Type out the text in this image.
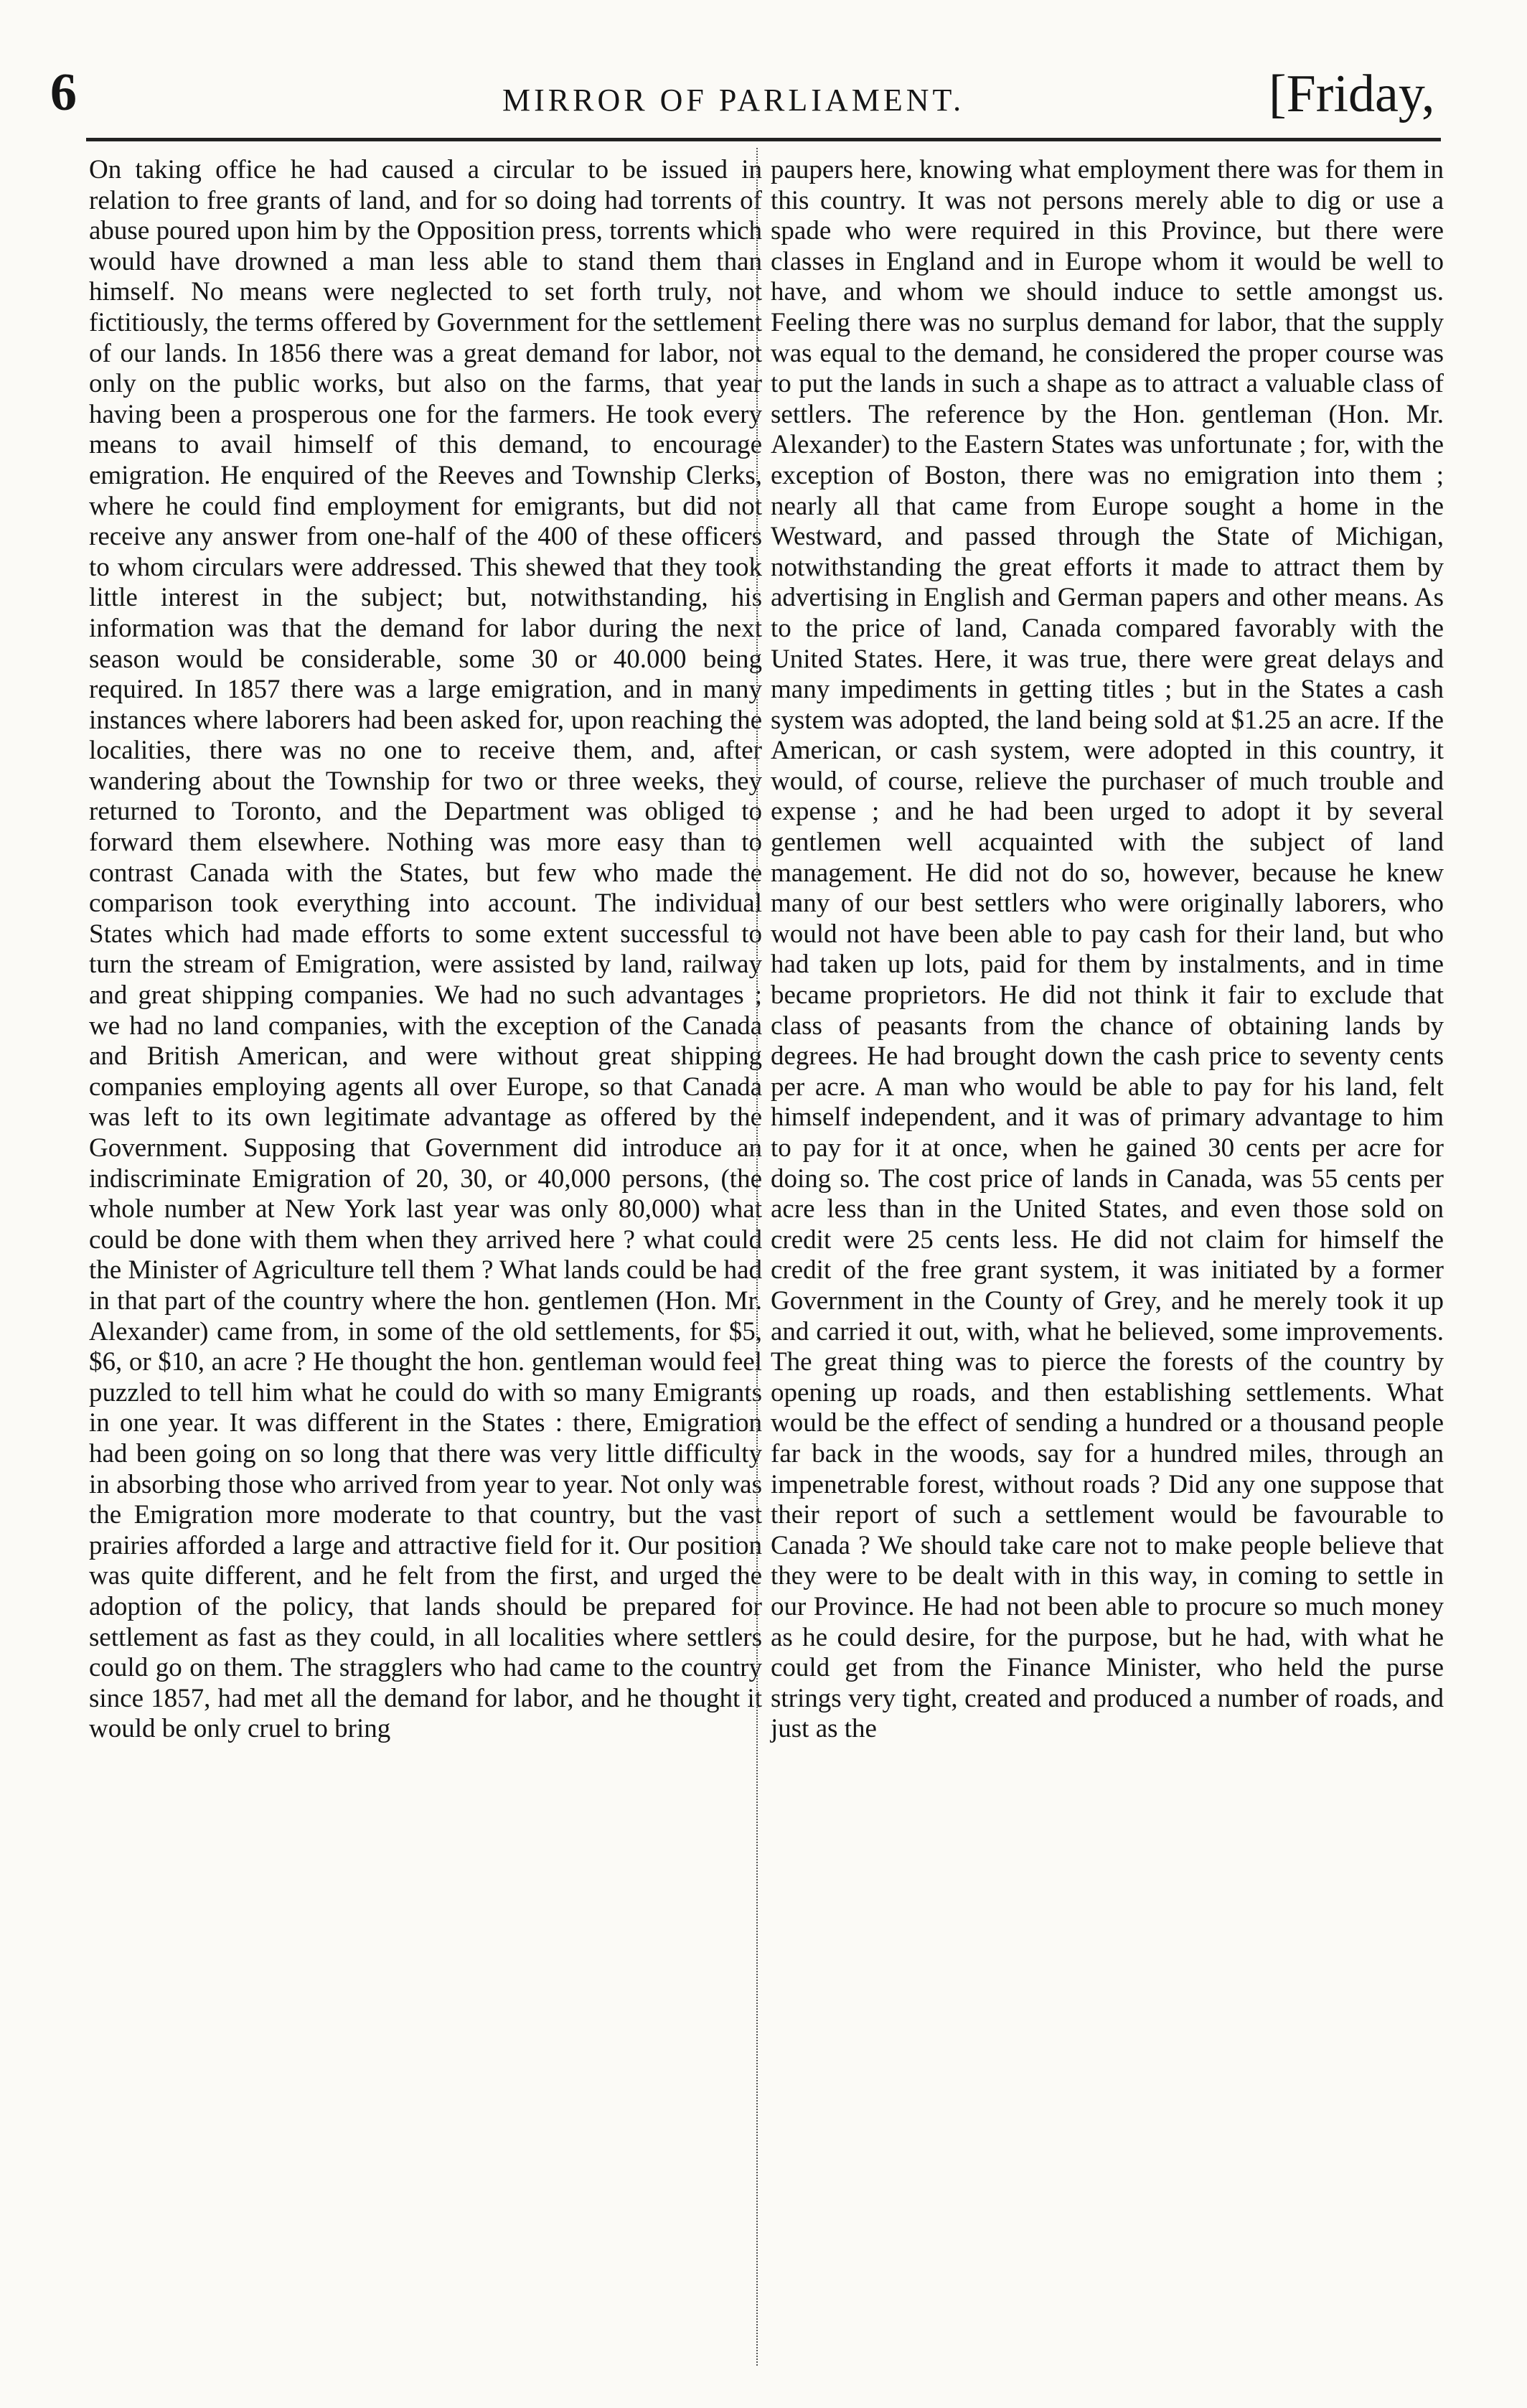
6	MIRROR OF PARLIAMENT.	[Friday,

On taking office he had caused a circular to be issued in relation to free grants of land, and for so doing had torrents of abuse poured upon him by the Opposition press, torrents which would have drowned a man less able to stand them than himself. No means were neglected to set forth truly, not fictitiously, the terms offered by Government for the settlement of our lands. In 1856 there was a great demand for labor, not only on the public works, but also on the farms, that year having been a prosperous one for the farmers. He took every means to avail himself of this demand, to encourage emigration. He enquired of the Reeves and Township Clerks, where he could find employment for emigrants, but did not receive any answer from one-half of the 400 of these officers to whom circulars were addressed. This shewed that they took little interest in the subject; but, notwithstanding, his information was that the demand for labor during the next season would be considerable, some 30 or 40.000 being required. In 1857 there was a large emigration, and in many instances where laborers had been asked for, upon reaching the localities, there was no one to receive them, and, after wandering about the Township for two or three weeks, they returned to Toronto, and the Department was obliged to forward them elsewhere. Nothing was more easy than to contrast Canada with the States, but few who made the comparison took everything into account. The individual States which had made efforts to some extent successful to turn the stream of Emigration, were assisted by land, railway and great shipping companies. We had no such advantages ; we had no land companies, with the exception of the Canada and British American, and were without great shipping companies employing agents all over Europe, so that Canada was left to its own legitimate advantage as offered by the Government. Supposing that Government did introduce an indiscriminate Emigration of 20, 30, or 40,000 persons, (the whole number at New York last year was only 80,000) what could be done with them when they arrived here ? what could the Minister of Agriculture tell them ? What lands could be had in that part of the country where the hon. gentlemen (Hon. Mr. Alexander) came from, in some of the old settlements, for $5, $6, or $10, an acre ? He thought the hon. gentleman would feel puzzled to tell him what he could do with so many Emigrants in one year. It was different in the States : there, Emigration had been going on so long that there was very little difficulty in absorbing those who arrived from year to year. Not only was the Emigration more moderate to that country, but the vast prairies afforded a large and attractive field for it. Our position was quite different, and he felt from the first, and urged the adoption of the policy, that lands should be prepared for settlement as fast as they could, in all localities where settlers could go on them. The stragglers who had came to the country since 1857, had met all the demand for labor, and he thought it would be only cruel to bring

paupers here, knowing what employment there was for them in this country. It was not persons merely able to dig or use a spade who were required in this Province, but there were classes in England and in Europe whom it would be well to have, and whom we should induce to settle amongst us. Feeling there was no surplus demand for labor, that the supply was equal to the demand, he considered the proper course was to put the lands in such a shape as to attract a valuable class of settlers. The reference by the Hon. gentleman (Hon. Mr. Alexander) to the Eastern States was unfortunate ; for, with the exception of Boston, there was no emigration into them ; nearly all that came from Europe sought a home in the Westward, and passed through the State of Michigan, notwithstanding the great efforts it made to attract them by advertising in English and German papers and other means. As to the price of land, Canada compared favorably with the United States. Here, it was true, there were great delays and many impediments in getting titles ; but in the States a cash system was adopted, the land being sold at $1.25 an acre. If the American, or cash system, were adopted in this country, it would, of course, relieve the purchaser of much trouble and expense ; and he had been urged to adopt it by several gentlemen well acquainted with the subject of land management. He did not do so, however, because he knew many of our best settlers who were originally laborers, who would not have been able to pay cash for their land, but who had taken up lots, paid for them by instalments, and in time became proprietors. He did not think it fair to exclude that class of peasants from the chance of obtaining lands by degrees. He had brought down the cash price to seventy cents per acre. A man who would be able to pay for his land, felt himself independent, and it was of primary advantage to him to pay for it at once, when he gained 30 cents per acre for doing so. The cost price of lands in Canada, was 55 cents per acre less than in the United States, and even those sold on credit were 25 cents less. He did not claim for himself the credit of the free grant system, it was initiated by a former Government in the County of Grey, and he merely took it up and carried it out, with, what he believed, some improvements. The great thing was to pierce the forests of the country by opening up roads, and then establishing settlements. What would be the effect of sending a hundred or a thousand people far back in the woods, say for a hundred miles, through an impenetrable forest, without roads ? Did any one suppose that their report of such a settlement would be favourable to Canada ? We should take care not to make people believe that they were to be dealt with in this way, in coming to settle in our Province. He had not been able to procure so much money as he could desire, for the purpose, but he had, with what he could get from the Finance Minister, who held the purse strings very tight, created and produced a number of roads, and just as the
